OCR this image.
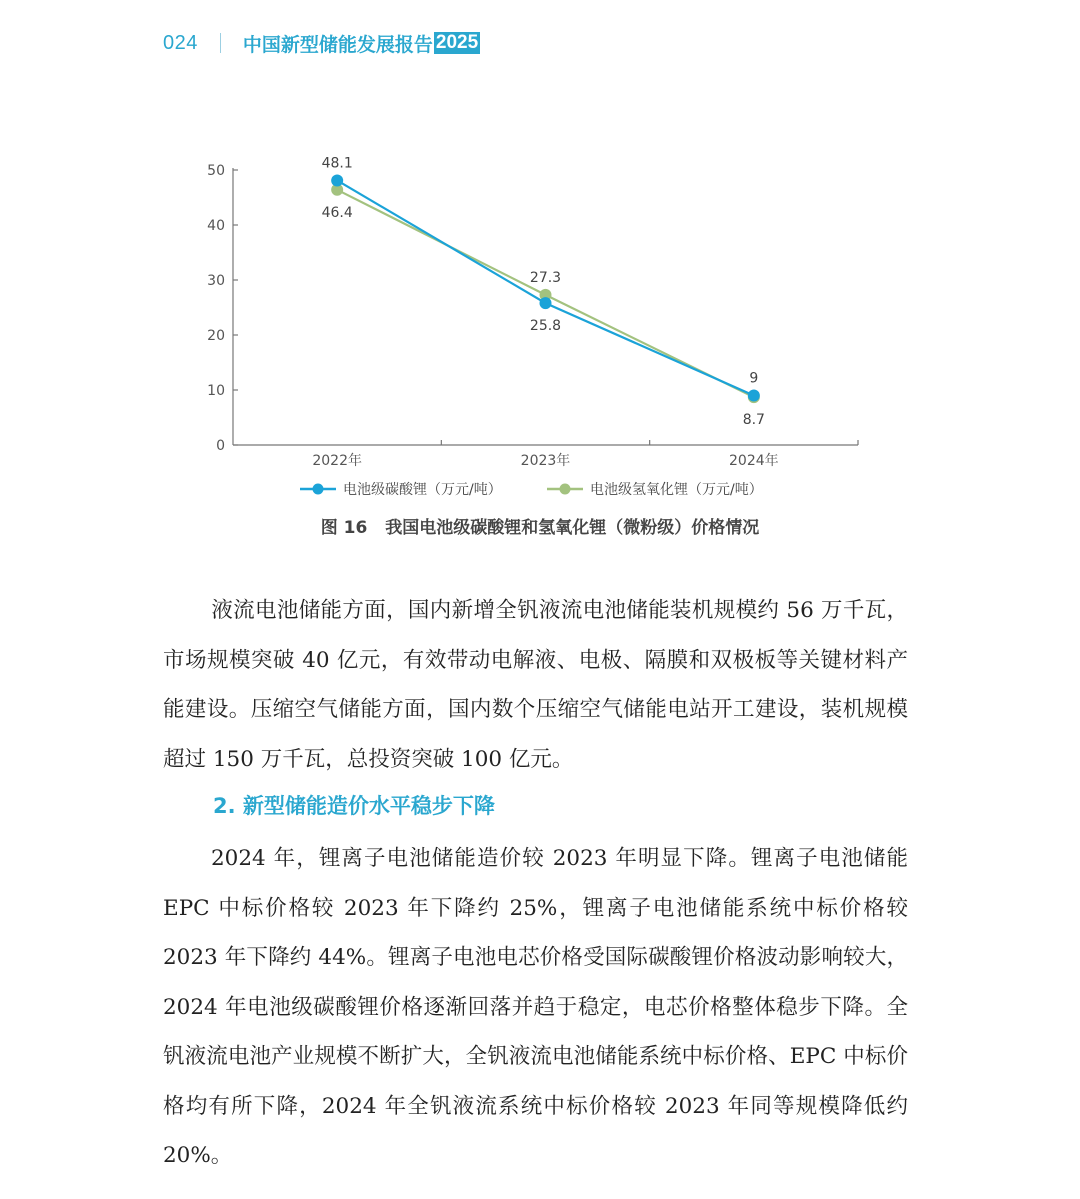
024 中国新型储能发展报告 2025
0
10
20
30
40
50
2022年	2023年	2024年
48.1
25.8
9
46.4
27.3
8.7
电池级碳酸锂（万元/吨）	电池级氢氧化锂（万元/吨）
图 16 我国电池级碳酸锂和氢氧化锂（微粉级）价格情况
液流电池储能方面，国内新增全钒液流电池储能装机规模约 56 万千瓦，市场规模突破 40 亿元，有效带动电解液、电极、隔膜和双极板等关键材料产能建设。压缩空气储能方面，国内数个压缩空气储能电站开工建设，装机规模超过 150 万千瓦，总投资突破 100 亿元。
2. 新型储能造价水平稳步下降
2024 年，锂离子电池储能造价较 2023 年明显下降。锂离子电池储能 EPC 中标价格较 2023 年下降约 25%，锂离子电池储能系统中标价格较 2023 年下降约 44%。锂离子电池电芯价格受国际碳酸锂价格波动影响较大，2024 年电池级碳酸锂价格逐渐回落并趋于稳定，电芯价格整体稳步下降。全钒液流电池产业规模不断扩大，全钒液流电池储能系统中标价格、EPC 中标价格均有所下降，2024 年全钒液流系统中标价格较 2023 年同等规模降低约 20%。
